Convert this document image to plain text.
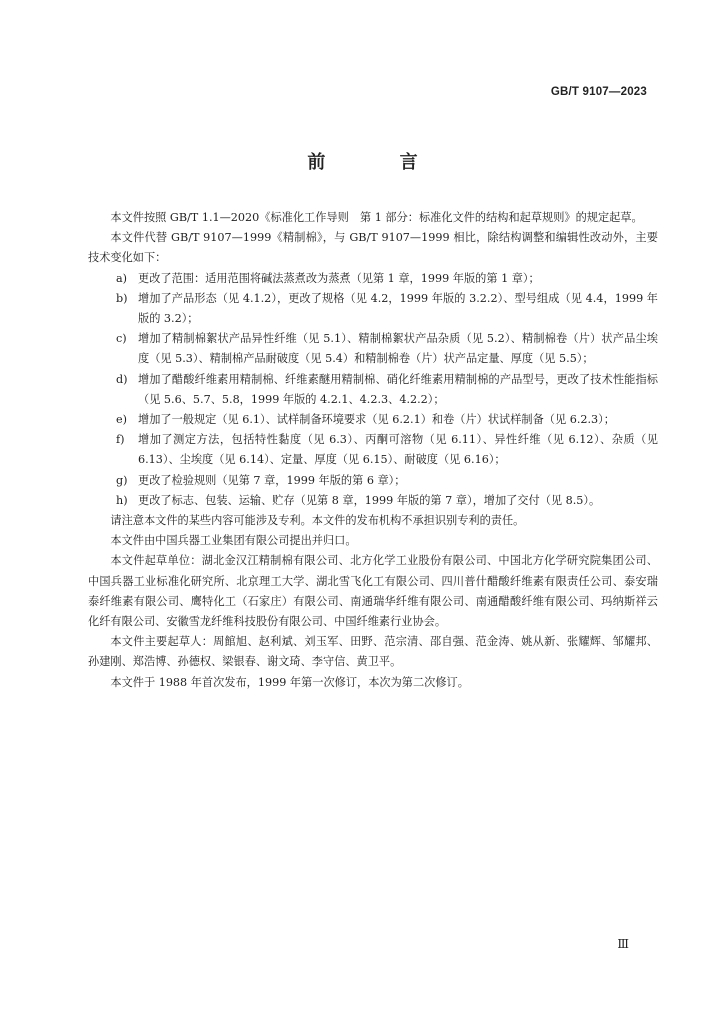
GB/T 9107—2023
前 言

本文件按照 GB/T 1.1—2020《标准化工作导则　第 1 部分：标准化文件的结构和起草规则》的规定起草。

本文件代替 GB/T 9107—1999《精制棉》，与 GB/T 9107—1999 相比，除结构调整和编辑性改动外，主要技术变化如下：

a) 更改了范围：适用范围将碱法蒸煮改为蒸煮（见第 1 章，1999 年版的第 1 章）；
b) 增加了产品形态（见 4.1.2），更改了规格（见 4.2，1999 年版的 3.2.2）、型号组成（见 4.4，1999 年版的 3.2）；
c) 增加了精制棉絮状产品异性纤维（见 5.1）、精制棉絮状产品杂质（见 5.2）、精制棉卷（片）状产品尘埃度（见 5.3）、精制棉产品耐破度（见 5.4）和精制棉卷（片）状产品定量、厚度（见 5.5）；
d) 增加了醋酸纤维素用精制棉、纤维素醚用精制棉、硝化纤维素用精制棉的产品型号，更改了技术性能指标（见 5.6、5.7、5.8，1999 年版的 4.2.1、4.2.3、4.2.2）；
e) 增加了一般规定（见 6.1）、试样制备环境要求（见 6.2.1）和卷（片）状试样制备（见 6.2.3）；
f) 增加了测定方法，包括特性黏度（见 6.3）、丙酮可溶物（见 6.11）、异性纤维（见 6.12）、杂质（见 6.13）、尘埃度（见 6.14）、定量、厚度（见 6.15）、耐破度（见 6.16）；
g) 更改了检验规则（见第 7 章，1999 年版的第 6 章）；
h) 更改了标志、包装、运输、贮存（见第 8 章，1999 年版的第 7 章），增加了交付（见 8.5）。

请注意本文件的某些内容可能涉及专利。本文件的发布机构不承担识别专利的责任。

本文件由中国兵器工业集团有限公司提出并归口。

本文件起草单位：湖北金汉江精制棉有限公司、北方化学工业股份有限公司、中国北方化学研究院集团公司、中国兵器工业标准化研究所、北京理工大学、湖北雪飞化工有限公司、四川普什醋酸纤维素有限责任公司、泰安瑞泰纤维素有限公司、鹰特化工（石家庄）有限公司、南通瑞华纤维有限公司、南通醋酸纤维有限公司、玛纳斯祥云化纤有限公司、安徽雪龙纤维科技股份有限公司、中国纤维素行业协会。

本文件主要起草人：周館旭、赵利斌、刘玉军、田野、范宗清、邵自强、范金涛、姚从新、张耀辉、邹耀邦、孙建刚、郑浩博、孙德权、梁银春、谢文琦、李守信、黄卫平。

本文件于 1988 年首次发布，1999 年第一次修订，本次为第二次修订。

Ⅲ
